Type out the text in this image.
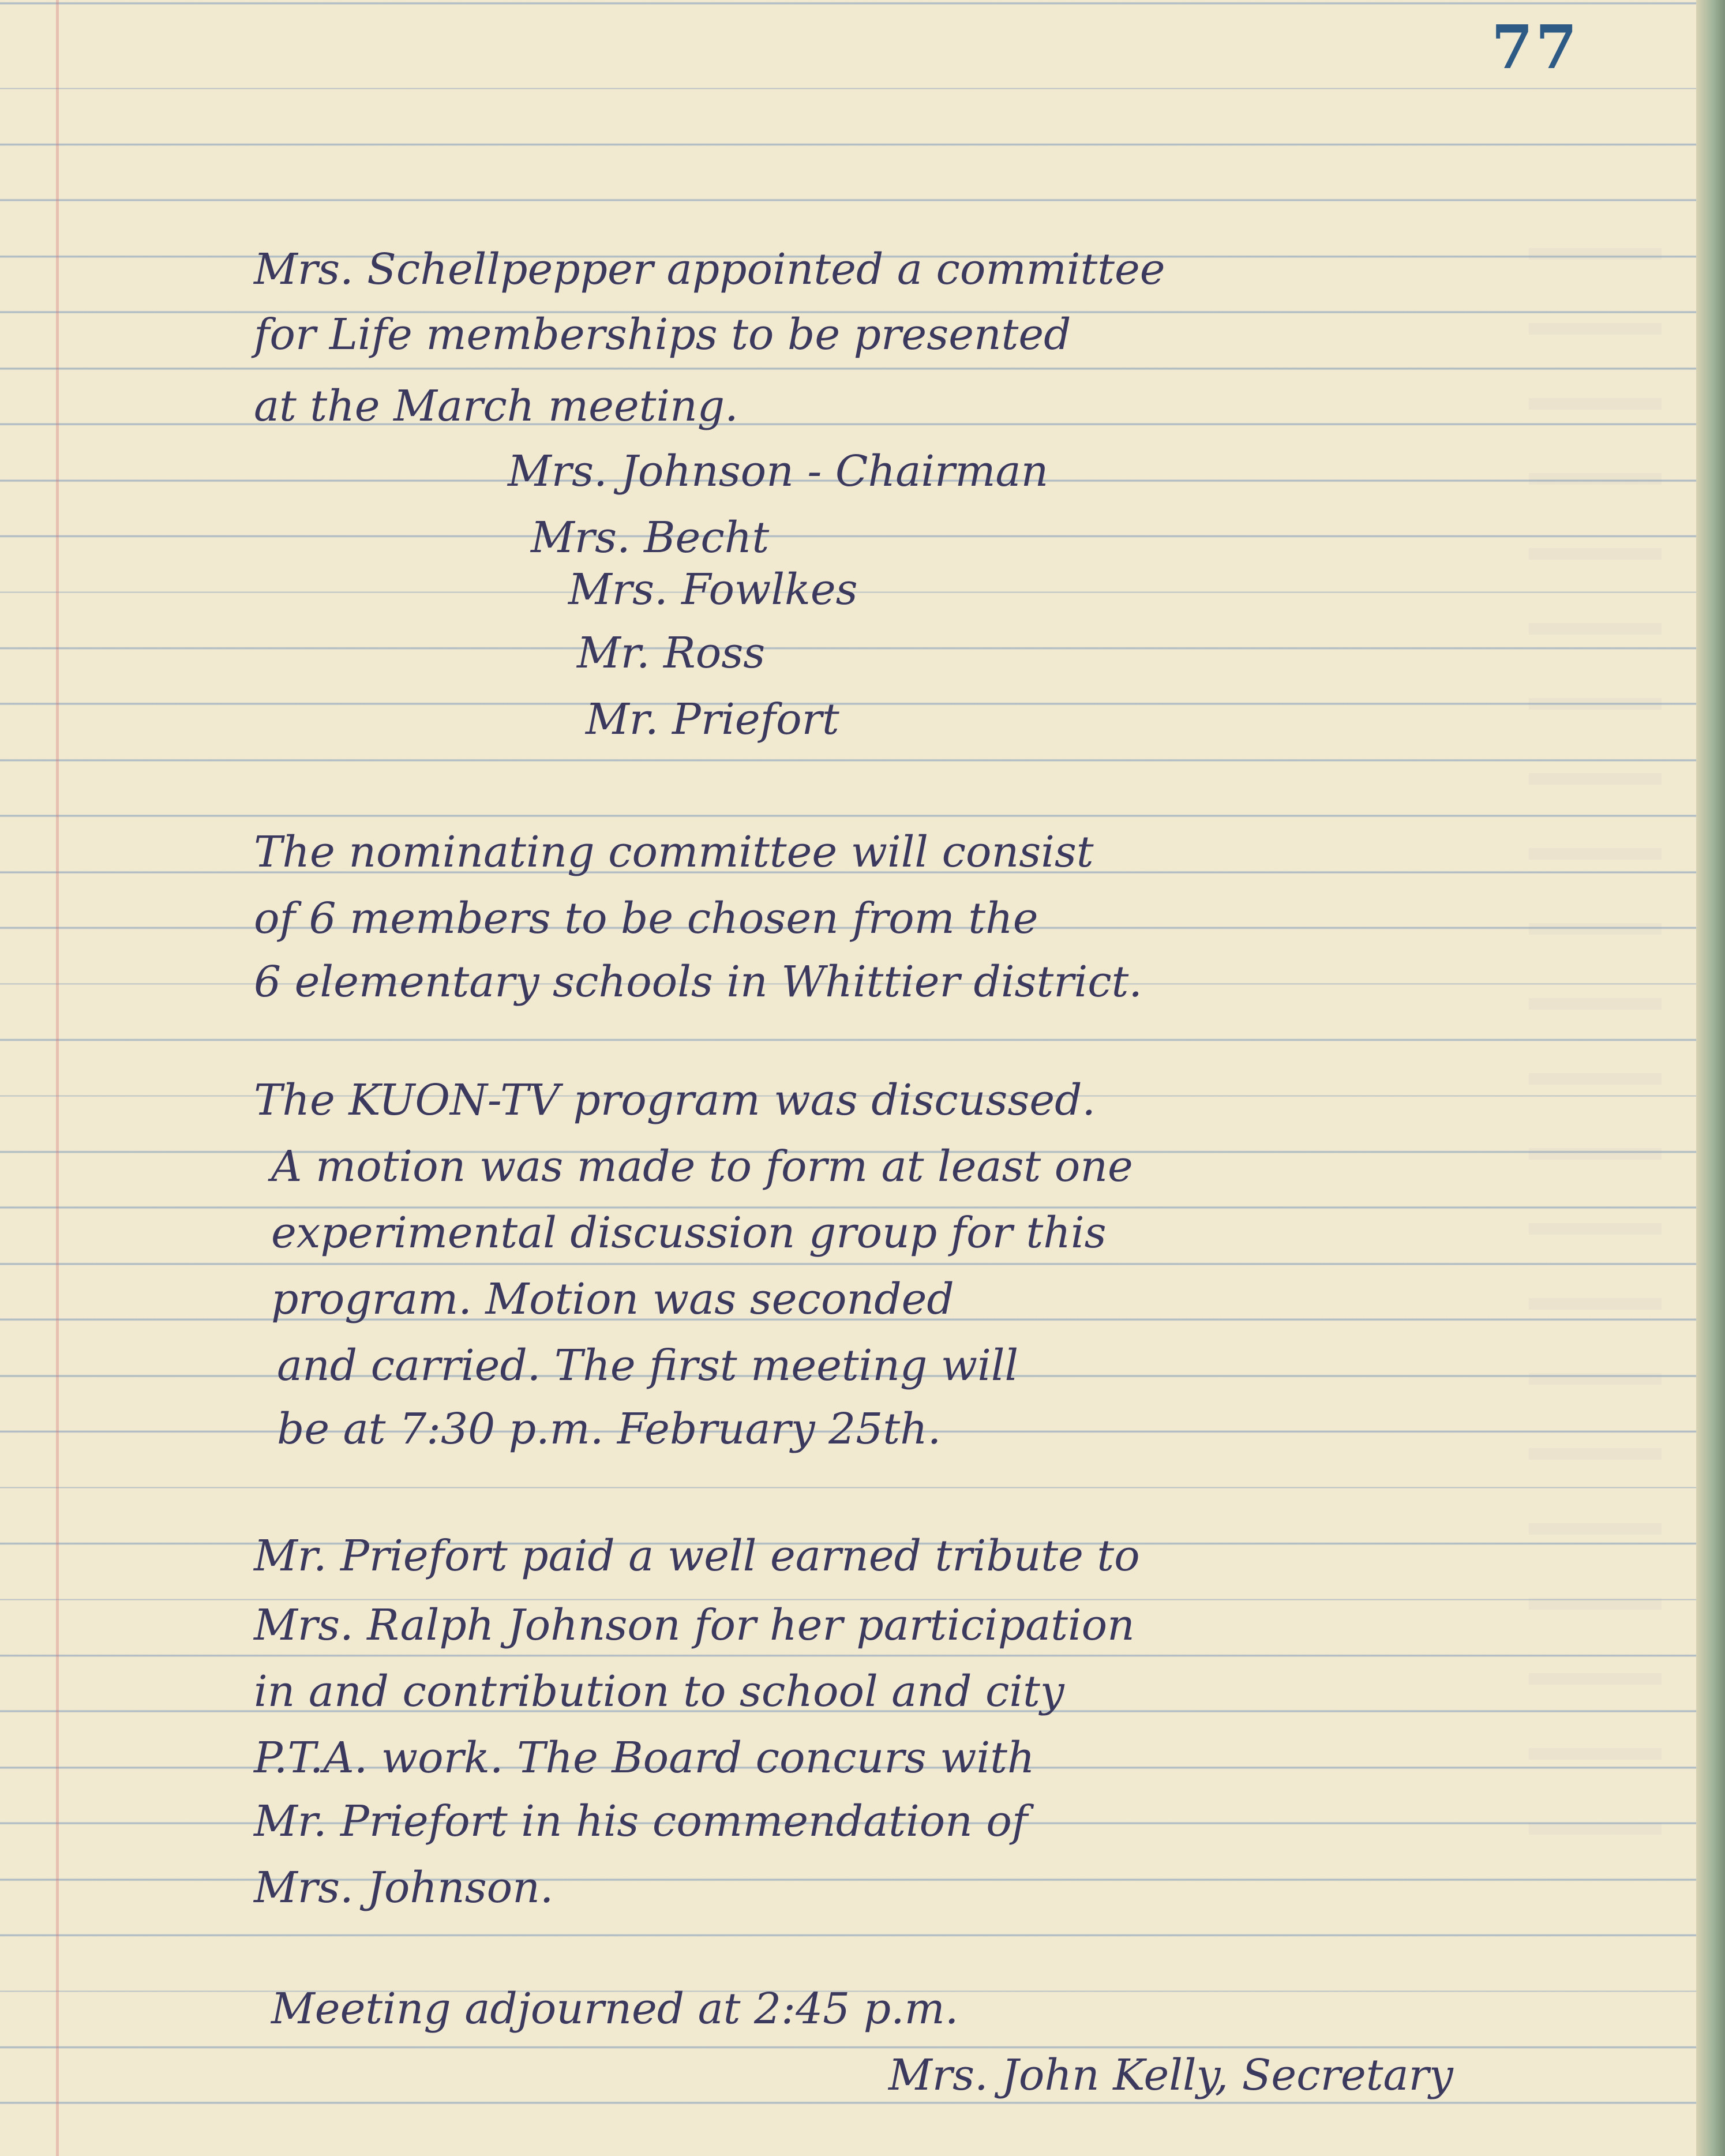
77

Mrs. Schellpepper appointed a committee

for Life memberships to be presented

at the March meeting.

Mrs. Johnson - Chairman

Mrs. Becht

Mrs. Fowlkes

Mr. Ross

Mr. Priefort

The nominating committee will consist

of 6 members to be chosen from the

6 elementary schools in Whittier district.

The KUON-TV program was discussed.

A motion was made to form at least one

experimental discussion group for this

program. Motion was seconded

and carried. The first meeting will

be at 7:30 p.m. February 25th.

Mr. Priefort paid a well earned tribute to

Mrs. Ralph Johnson for her participation

in and contribution to school and city

P.T.A. work. The Board concurs with

Mr. Priefort in his commendation of

Mrs. Johnson.

Meeting adjourned at 2:45 p.m.

Mrs. John Kelly, Secretary
